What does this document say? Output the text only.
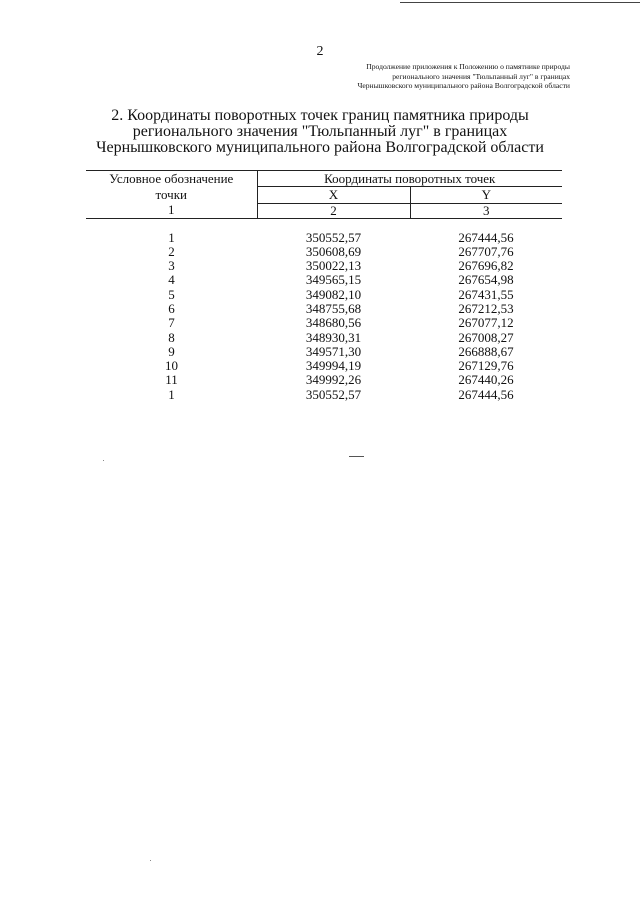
2
Продолжение приложения к Положению о памятнике природы
регионального значения "Тюльпанный луг" в границах
Чернышковского муниципального района Волгоградской области
2. Координаты поворотных точек границ памятника природы
регионального значения "Тюльпанный луг" в границах
Чернышковского муниципального района Волгоградской области
Условное обозначение
точки	Координаты поворотных точек	
	X	Y
1	2	3

1	350552,57	267444,56
2	350608,69	267707,76
3	350022,13	267696,82
4	349565,15	267654,98
5	349082,10	267431,55
6	348755,68	267212,53
7	348680,56	267077,12
8	348930,31	267008,27
9	349571,30	266888,67
10	349994,19	267129,76
11	349992,26	267440,26
1	350552,57	267444,56
